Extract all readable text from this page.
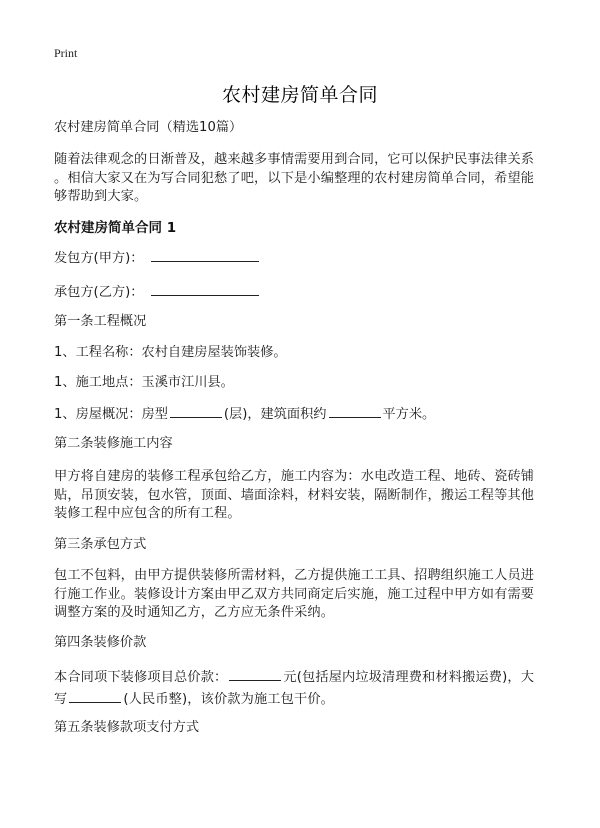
Print
农村建房简单合同
农村建房简单合同（精选10篇）
随着法律观念的日渐普及，越来越多事情需要用到合同，它可以保护民事法律关系
。相信大家又在为写合同犯愁了吧，以下是小编整理的农村建房简单合同，希望能
够帮助到大家。
农村建房简单合同 1
发包方(甲方)：
承包方(乙方)：
第一条工程概况
1、工程名称：农村自建房屋装饰装修。
1、施工地点：玉溪市江川县。
1、房屋概况：房型	(层)，建筑面积约	平方米。
第二条装修施工内容
甲方将自建房的装修工程承包给乙方，施工内容为：水电改造工程、地砖、瓷砖铺
贴，吊顶安装，包水管，顶面、墙面涂料，材料安装，隔断制作，搬运工程等其他
装修工程中应包含的所有工程。
第三条承包方式
包工不包料，由甲方提供装修所需材料，乙方提供施工工具、招聘组织施工人员进
行施工作业。装修设计方案由甲乙双方共同商定后实施，施工过程中甲方如有需要
调整方案的及时通知乙方，乙方应无条件采纳。
第四条装修价款
本合同项下装修项目总价款：	元(包括屋内垃圾清理费和材料搬运费)，大
写	(人民币整)，该价款为施工包干价。
第五条装修款项支付方式
